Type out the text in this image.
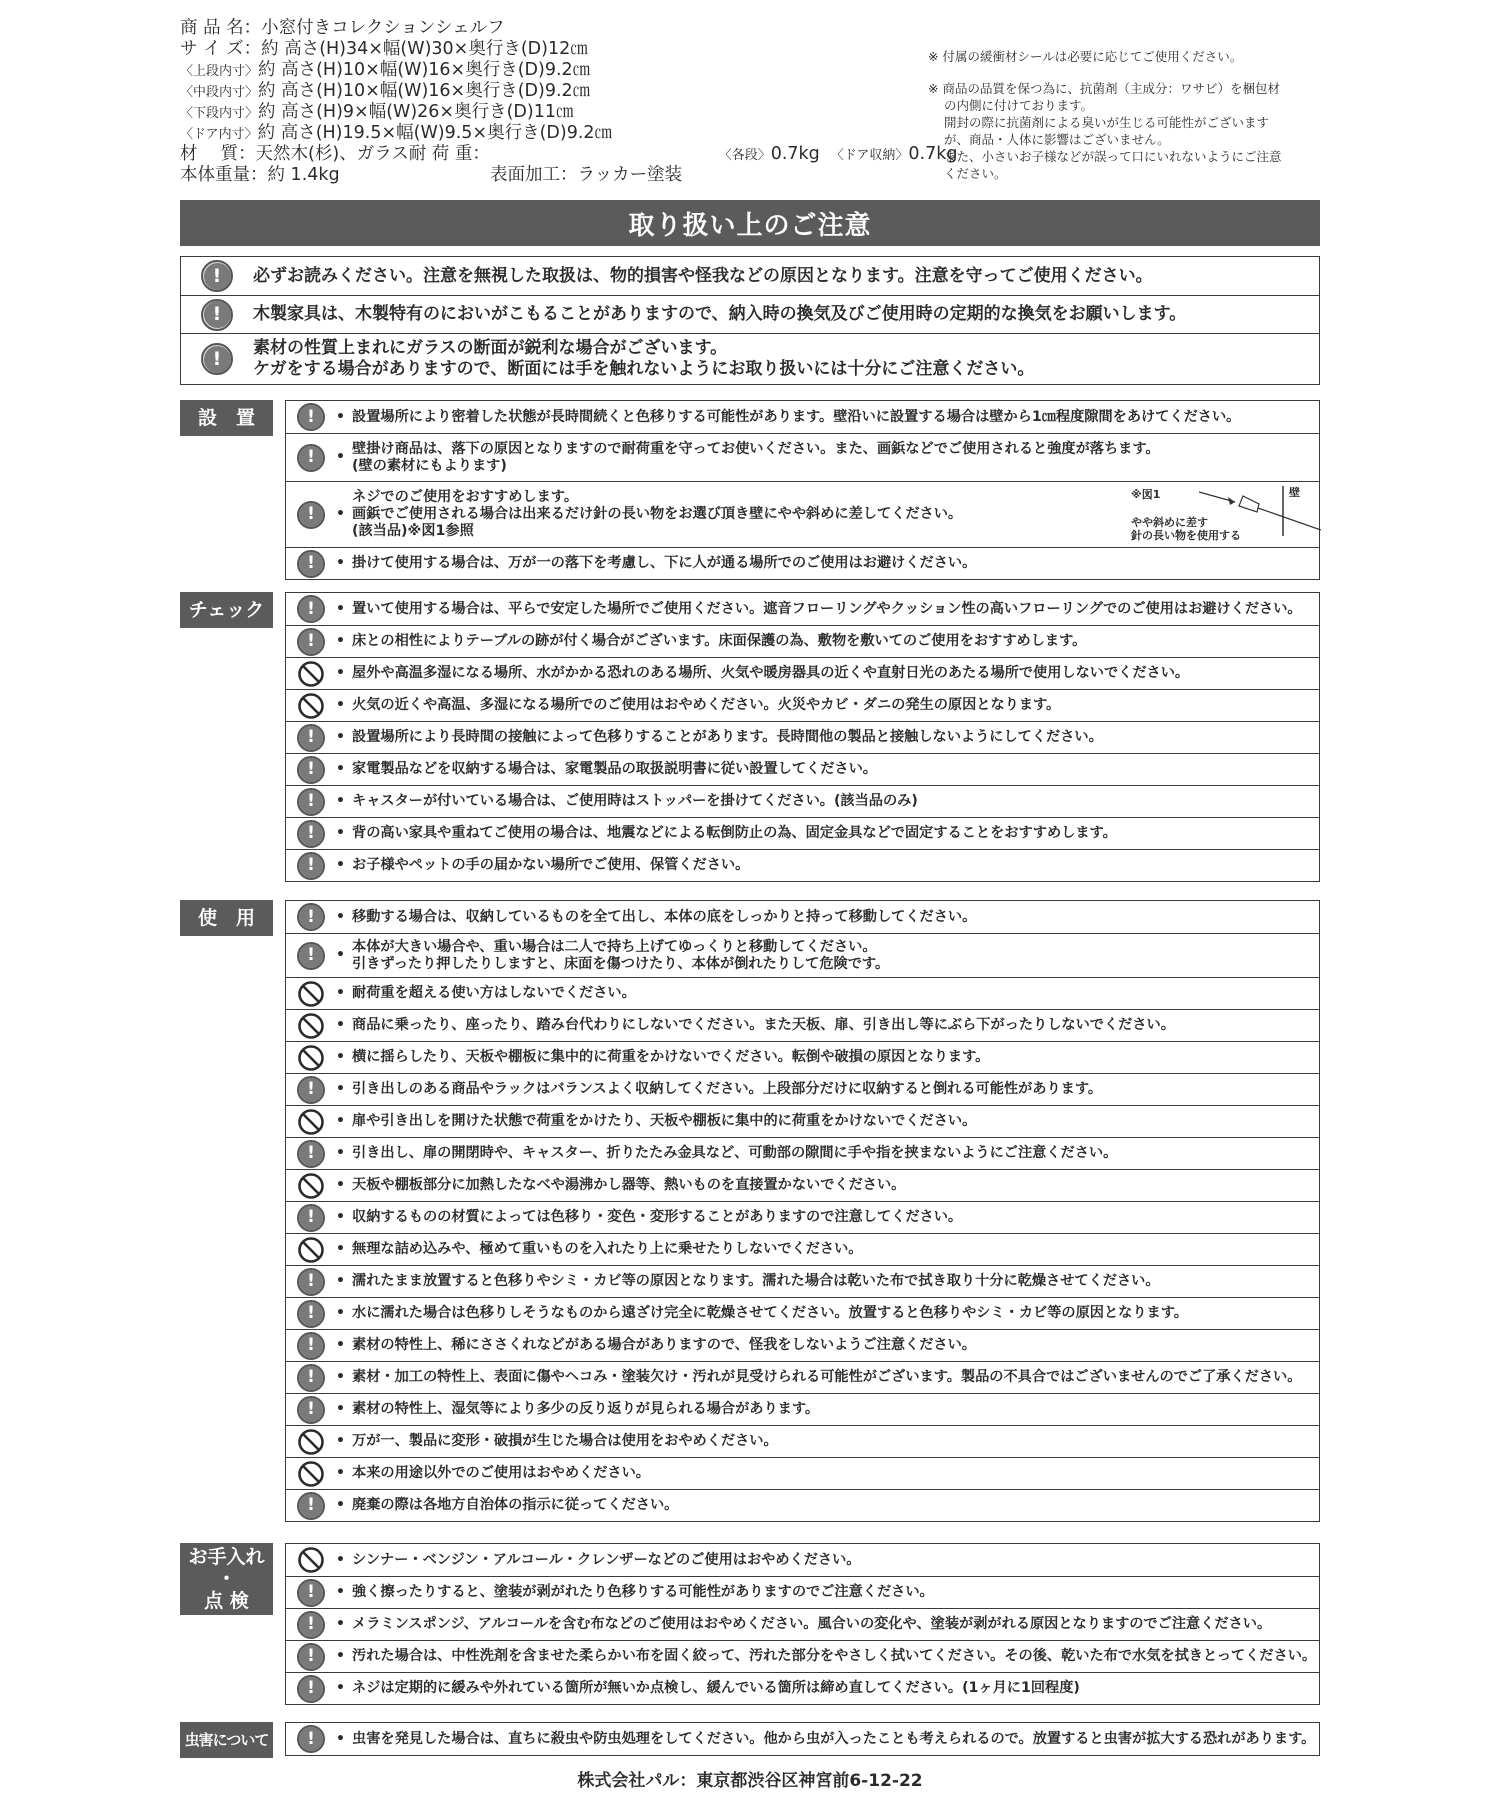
商 品 名：小窓付きコレクションシェルフ
サ イ ズ：約 高さ(H)34×幅(W)30×奥行き(D)12㎝
〈上段内寸〉約 高さ(H)10×幅(W)16×奥行き(D)9.2㎝
〈中段内寸〉約 高さ(H)10×幅(W)16×奥行き(D)9.2㎝
〈下段内寸〉約 高さ(H)9×幅(W)26×奥行き(D)11㎝
〈ドア内寸〉約 高さ(H)19.5×幅(W)9.5×奥行き(D)9.2㎝
材　 質：天然木(杉)、ガラス 耐 荷 重：	〈各段〉0.7kg　 〈ドア収納〉0.7kg
本体重量：約 1.4kg	表面加工：ラッカー塗装
※ 付属の緩衝材シールは必要に応じてご使用ください。
※ 商品の品質を保つ為に、抗菌剤（主成分：ワサビ）を梱包材
の内側に付けております。
開封の際に抗菌剤による臭いが生じる可能性がございます
が、商品・人体に影響はございません。
また、小さいお子様などが誤って口にいれないようにご注意
ください。
取り扱い上のご注意
!	必ずお読みください。注意を無視した取扱は、物的損害や怪我などの原因となります。注意を守ってご使用ください。
!	木製家具は、木製特有のにおいがこもることがありますので、納入時の換気及びご使用時の定期的な換気をお願いします。
!	素材の性質上まれにガラスの断面が鋭利な場合がございます。
ケガをする場合がありますので、断面には手を触れないようにお取り扱いには十分にご注意ください。
設　置	!	• 設置場所により密着した状態が長時間続くと色移りする可能性があります。壁沿いに設置する場合は壁から1㎝程度隙間をあけてください。
!	•
壁掛け商品は、落下の原因となりますので耐荷重を守ってお使いください。また、画鋲などでご使用されると強度が落ちます。
(壁の素材にもよります)
!	•
ネジでのご使用をおすすめします。
画鋲でご使用される場合は出来るだけ針の長い物をお選び頂き壁にやや斜めに差してください。
(該当品)※図1参照
※図1	壁
やや斜めに差す
針の長い物を使用する
!	• 掛けて使用する場合は、万が一の落下を考慮し、下に人が通る場所でのご使用はお避けください。
チェック	!	• 置いて使用する場合は、平らで安定した場所でご使用ください。遮音フローリングやクッション性の高いフローリングでのご使用はお避けください。
!	• 床との相性によりテーブルの跡が付く場合がございます。床面保護の為、敷物を敷いてのご使用をおすすめします。
• 屋外や高温多湿になる場所、水がかかる恐れのある場所、火気や暖房器具の近くや直射日光のあたる場所で使用しないでください。
• 火気の近くや高温、多湿になる場所でのご使用はおやめください。火災やカビ・ダニの発生の原因となります。
!	• 設置場所により長時間の接触によって色移りすることがあります。長時間他の製品と接触しないようにしてください。
!	• 家電製品などを収納する場合は、家電製品の取扱説明書に従い設置してください。
!	• キャスターが付いている場合は、ご使用時はストッパーを掛けてください。(該当品のみ)
!	• 背の高い家具や重ねてご使用の場合は、地震などによる転倒防止の為、固定金具などで固定することをおすすめします。
!	• お子様やペットの手の届かない場所でご使用、保管ください。
使　用	!	• 移動する場合は、収納しているものを全て出し、本体の底をしっかりと持って移動してください。
!	•
本体が大きい場合や、重い場合は二人で持ち上げてゆっくりと移動してください。
引きずったり押したりしますと、床面を傷つけたり、本体が倒れたりして危険です。
• 耐荷重を超える使い方はしないでください。
• 商品に乗ったり、座ったり、踏み台代わりにしないでください。また天板、扉、引き出し等にぶら下がったりしないでください。
• 横に揺らしたり、天板や棚板に集中的に荷重をかけないでください。転倒や破損の原因となります。
!	• 引き出しのある商品やラックはバランスよく収納してください。上段部分だけに収納すると倒れる可能性があります。
• 扉や引き出しを開けた状態で荷重をかけたり、天板や棚板に集中的に荷重をかけないでください。
!	• 引き出し、扉の開閉時や、キャスター、折りたたみ金具など、可動部の隙間に手や指を挟まないようにご注意ください。
• 天板や棚板部分に加熱したなべや湯沸かし器等、熱いものを直接置かないでください。
!	• 収納するものの材質によっては色移り・変色・変形することがありますので注意してください。
• 無理な詰め込みや、極めて重いものを入れたり上に乗せたりしないでください。
!	• 濡れたまま放置すると色移りやシミ・カビ等の原因となります。濡れた場合は乾いた布で拭き取り十分に乾燥させてください。
!	• 水に濡れた場合は色移りしそうなものから遠ざけ完全に乾燥させてください。放置すると色移りやシミ・カビ等の原因となります。
!	• 素材の特性上、稀にささくれなどがある場合がありますので、怪我をしないようご注意ください。
!	• 素材・加工の特性上、表面に傷やヘコみ・塗装欠け・汚れが見受けられる可能性がございます。製品の不具合ではございませんのでご了承ください。
!	• 素材の特性上、湿気等により多少の反り返りが見られる場合があります。
• 万が一、製品に変形・破損が生じた場合は使用をおやめください。
• 本来の用途以外でのご使用はおやめください。
!	• 廃棄の際は各地方自治体の指示に従ってください。
お手入れ
・
点 検
• シンナー・ベンジン・アルコール・クレンザーなどのご使用はおやめください。
!	• 強く擦ったりすると、塗装が剥がれたり色移りする可能性がありますのでご注意ください。
!	• メラミンスポンジ、アルコールを含む布などのご使用はおやめください。風合いの変化や、塗装が剥がれる原因となりますのでご注意ください。
!	• 汚れた場合は、中性洗剤を含ませた柔らかい布を固く絞って、汚れた部分をやさしく拭いてください。その後、乾いた布で水気を拭きとってください。
!	• ネジは定期的に緩みや外れている箇所が無いか点検し、緩んでいる箇所は締め直してください。(1ヶ月に1回程度)
虫害について	!	• 虫害を発見した場合は、直ちに殺虫や防虫処理をしてください。他から虫が入ったことも考えられるので。放置すると虫害が拡大する恐れがあります。
株式会社パル：東京都渋谷区神宮前6-12-22
